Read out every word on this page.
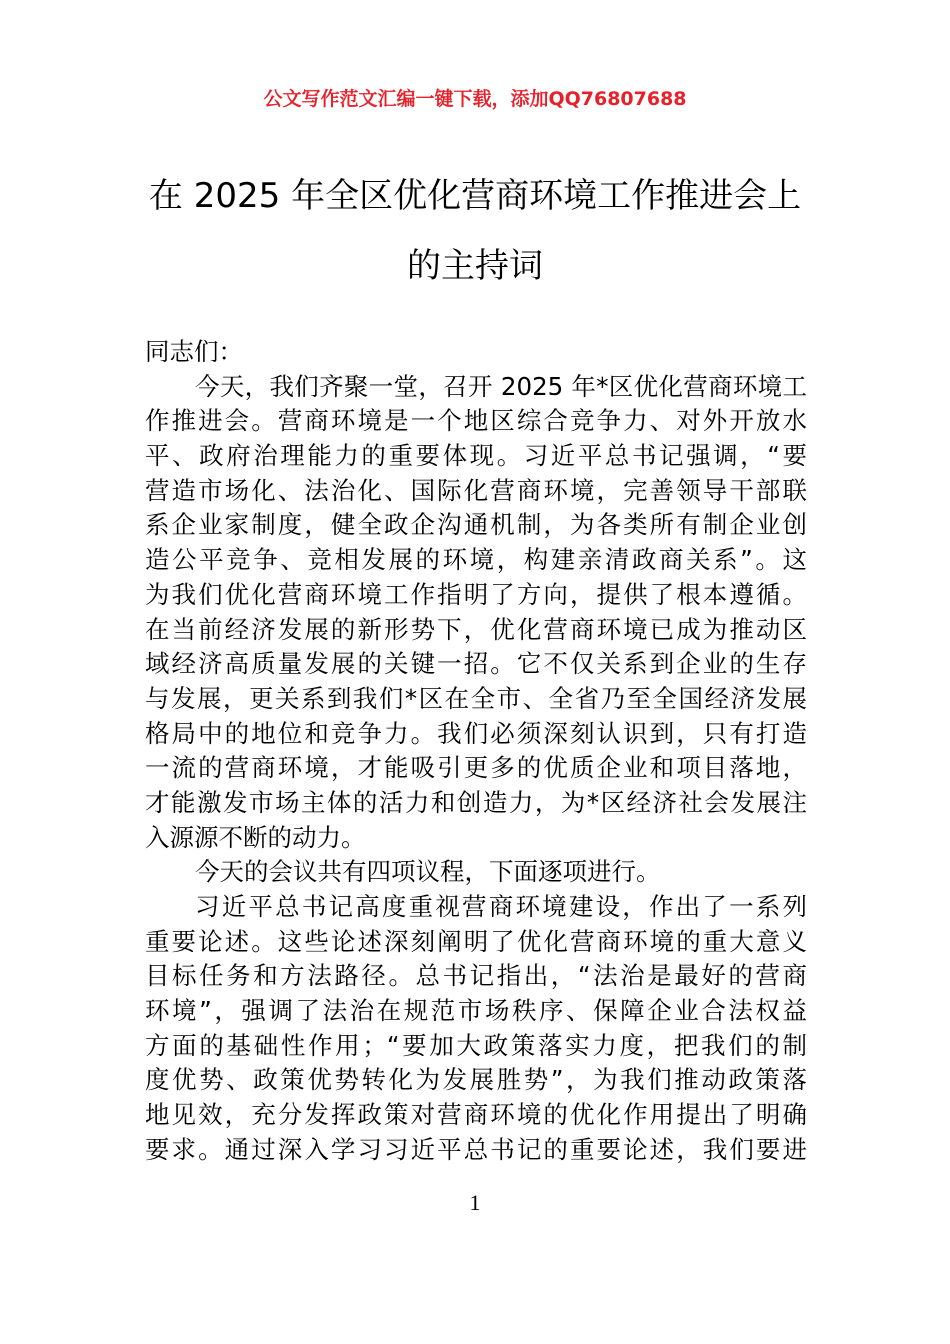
公文写作范文汇编一键下载，添加QQ76807688
在 2025 年全区优化营商环境工作推进会上
的主持词
同志们：
今天，我们齐聚一堂，召开 2025 年*区优化营商环境工
作推进会。营商环境是一个地区综合竞争力、对外开放水
平、政府治理能力的重要体现。习近平总书记强调，“要
营造市场化、法治化、国际化营商环境，完善领导干部联
系企业家制度，健全政企沟通机制，为各类所有制企业创
造公平竞争、竞相发展的环境，构建亲清政商关系”。这
为我们优化营商环境工作指明了方向，提供了根本遵循。
在当前经济发展的新形势下，优化营商环境已成为推动区
域经济高质量发展的关键一招。它不仅关系到企业的生存
与发展，更关系到我们*区在全市、全省乃至全国经济发展
格局中的地位和竞争力。我们必须深刻认识到，只有打造
一流的营商环境，才能吸引更多的优质企业和项目落地，
才能激发市场主体的活力和创造力，为*区经济社会发展注
入源源不断的动力。
今天的会议共有四项议程，下面逐项进行。
习近平总书记高度重视营商环境建设，作出了一系列
重要论述。这些论述深刻阐明了优化营商环境的重大意义
目标任务和方法路径。总书记指出，“法治是最好的营商
环境”，强调了法治在规范市场秩序、保障企业合法权益
方面的基础性作用；“要加大政策落实力度，把我们的制
度优势、政策优势转化为发展胜势”，为我们推动政策落
地见效，充分发挥政策对营商环境的优化作用提出了明确
要求。通过深入学习习近平总书记的重要论述，我们要进
1
